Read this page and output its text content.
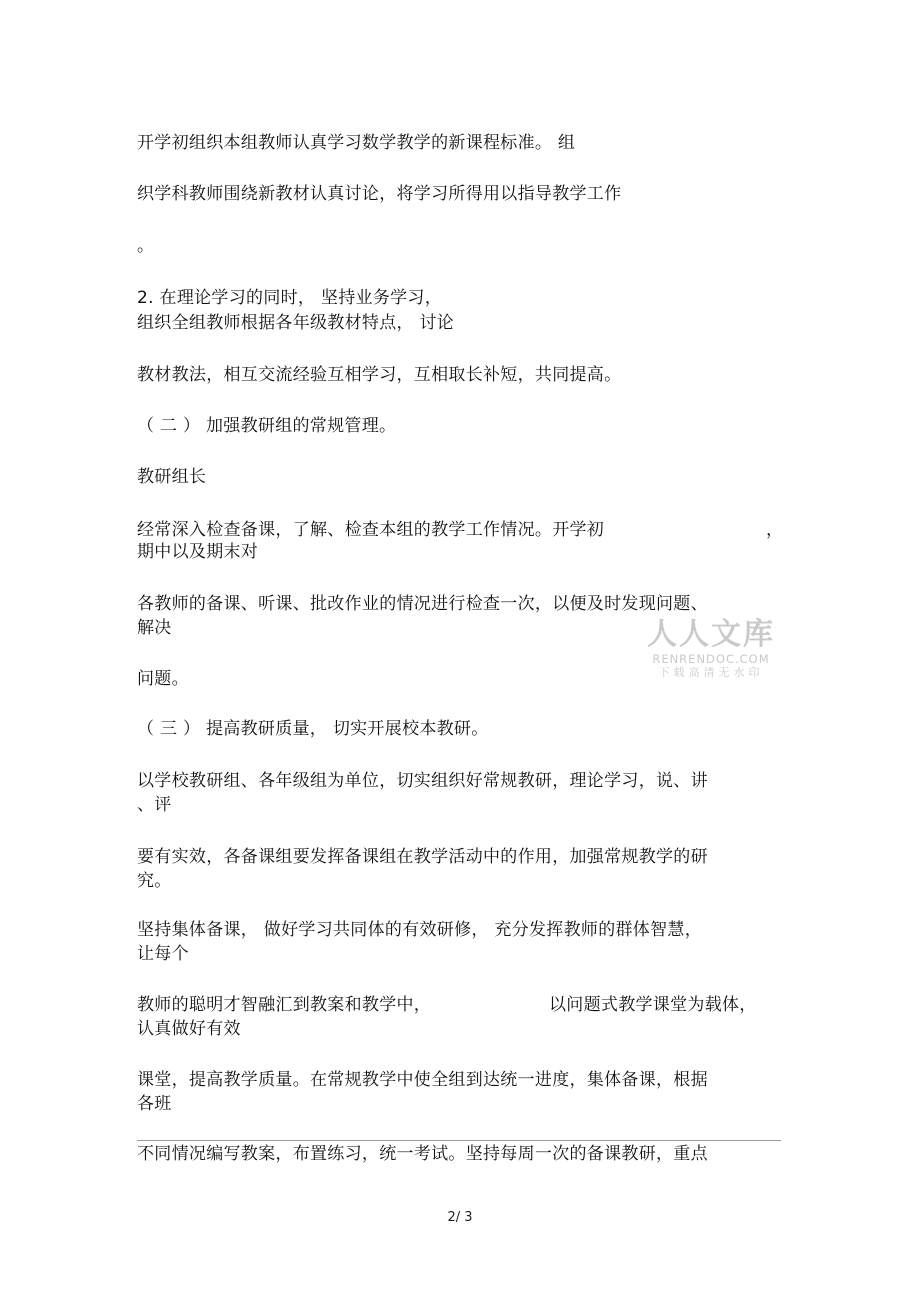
开学初组织本组教师认真学习数学教学的新课程标准。 组
织学科教师围绕新教材认真讨论，将学习所得用以指导教学工作
。
2. 在理论学习的同时， 坚持业务学习，
组织全组教师根据各年级教材特点， 讨论
教材教法，相互交流经验互相学习，互相取长补短，共同提高。
（ 二 ） 加强教研组的常规管理。
教研组长
经常深入检查备课，了解、检查本组的教学工作情况。开学初	，
期中以及期末对
各教师的备课、听课、批改作业的情况进行检查一次，以便及时发现问题、
解决
问题。
（ 三 ） 提高教研质量， 切实开展校本教研。
以学校教研组、各年级组为单位，切实组织好常规教研，理论学习，说、讲
、评
要有实效，各备课组要发挥备课组在教学活动中的作用，加强常规教学的研
究。
坚持集体备课， 做好学习共同体的有效研修， 充分发挥教师的群体智慧，
让每个
教师的聪明才智融汇到教案和教学中，	以问题式教学课堂为载体，
认真做好有效
课堂，提高教学质量。在常规教学中使全组到达统一进度，集体备课，根据
各班
不同情况编写教案，布置练习，统一考试。坚持每周一次的备课教研，重点
人人文库
RENRENDOC.COM
下载高清无水印
2/ 3
